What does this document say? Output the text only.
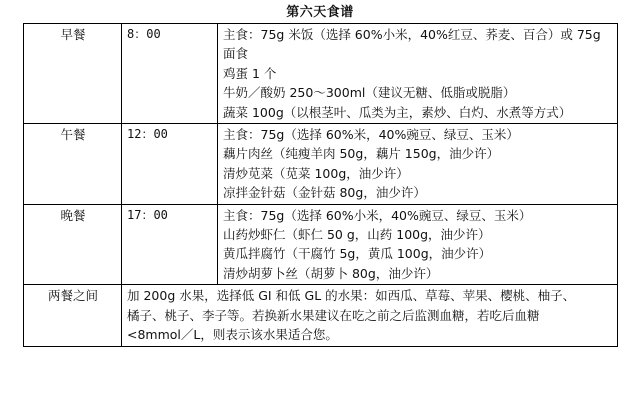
第六天食谱
早餐	8：00	主食：75g 米饭（选择 60%小米，40%红豆、荞麦、百合）或 75g
面食
鸡蛋 1 个
牛奶／酸奶 250～300ml（建议无糖、低脂或脱脂）
蔬菜 100g（以根茎叶、瓜类为主，素炒、白灼、水煮等方式）

午餐	12：00	主食：75g（选择 60%米，40%豌豆、绿豆、玉米）
藕片肉丝（纯瘦羊肉 50g，藕片 150g，油少许）
清炒苋菜（苋菜 100g，油少许）
凉拌金针菇（金针菇 80g，油少许）

晚餐	17：00	主食：75g（选择 60%小米，40%豌豆、绿豆、玉米）
山药炒虾仁（虾仁 50 g，山药 100g，油少许）
黄瓜拌腐竹（干腐竹 5g，黄瓜 100g，油少许）
清炒胡萝卜丝（胡萝卜 80g，油少许）

两餐之间	加 200g 水果，选择低 GI 和低 GL 的水果：如西瓜、草莓、苹果、樱桃、柚子、
橘子、桃子、李子等。若换新水果建议在吃之前之后监测血糖，若吃后血糖
<8mmol／L，则表示该水果适合您。	
